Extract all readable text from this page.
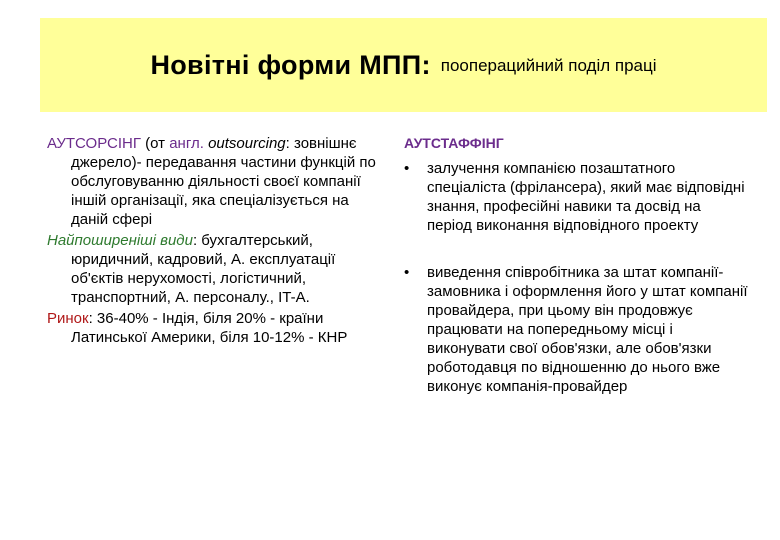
Новітні форми МПП: пооперацийний поділ праці

АУТСОРСІНГ (от англ. outsourcing: зовнішнє джерело)- передавання частини функцій по обслуговуванню діяльності своєї компанії іншій організації, яка спеціалізується на даній сфері

Найпоширеніші види: бухгалтерський, юридичний, кадровий, А. експлуатації об'єктів нерухомості, логістичний, транспортний, А. персоналу., IT-A.

Ринок: 36-40% - Індія, біля 20% - країни Латинської Америки, біля 10-12% - КНР

АУТСТАФФІНГ
• залучення компанією позаштатного спеціаліста (фрілансера), який має відповідні знання, професійні навики та досвід на період виконання відповідного проекту
• виведення співробітника за штат компанії-замовника і оформлення його у штат компанії провайдера, при цьому він продовжує працювати на попередньому місці і виконувати свої обов'язки, але обов'язки роботодавця по відношенню до нього вже виконує компанія-провайдер
